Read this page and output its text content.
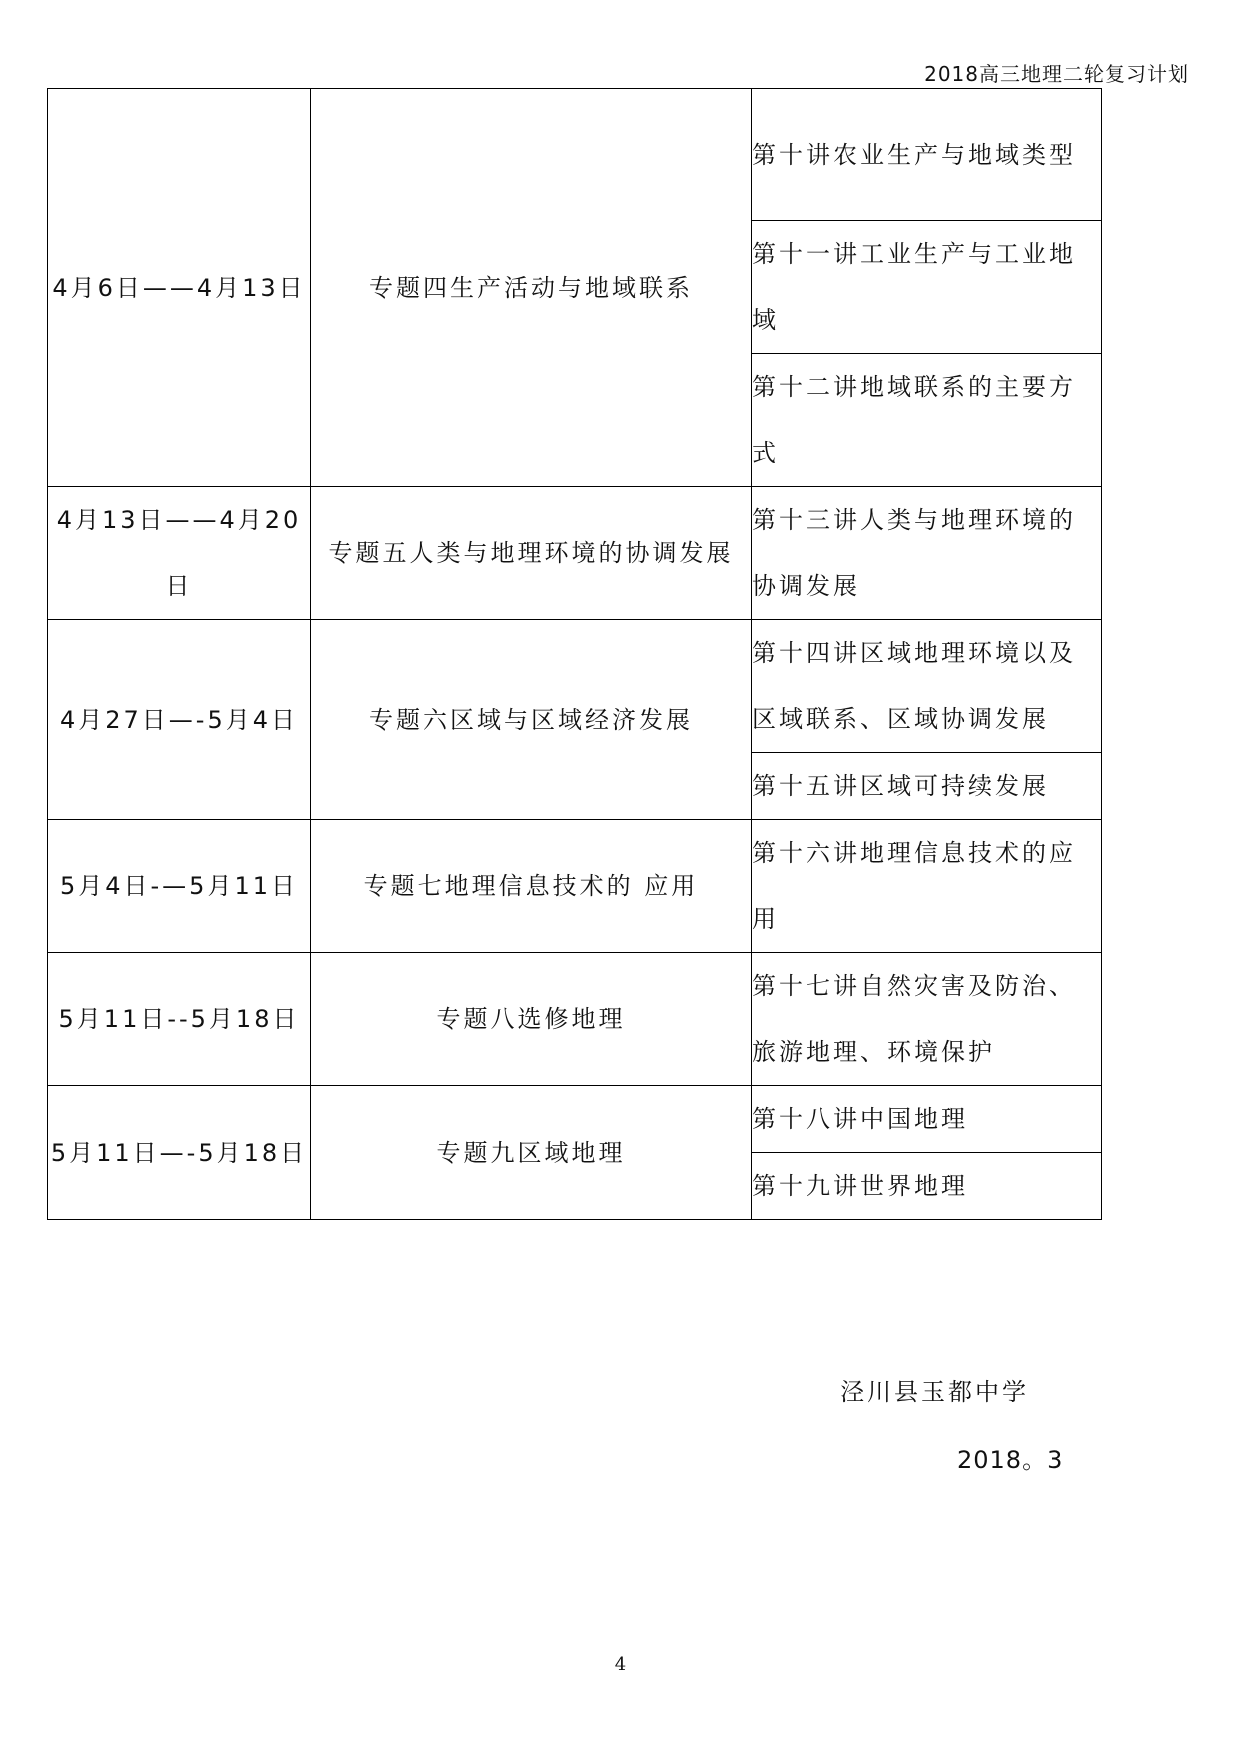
2018高三地理二轮复习计划
4月6日——4月13日	专题四生产活动与地域联系	第十讲农业生产与地域类型
		第十一讲工业生产与工业地域
		第十二讲地域联系的主要方式
4月13日——4月20日	专题五人类与地理环境的协调发展	第十三讲人类与地理环境的协调发展
4月27日—-5月4日	专题六区域与区域经济发展	第十四讲区域地理环境以及区域联系、区域协调发展
		第十五讲区域可持续发展
5月4日-—5月11日	专题七地理信息技术的 应用	第十六讲地理信息技术的应用
5月11日--5月18日	专题八选修地理	第十七讲自然灾害及防治、旅游地理、环境保护
5月11日—-5月18日	专题九区域地理	第十八讲中国地理
		第十九讲世界地理
泾川县玉都中学
2018。3
4
